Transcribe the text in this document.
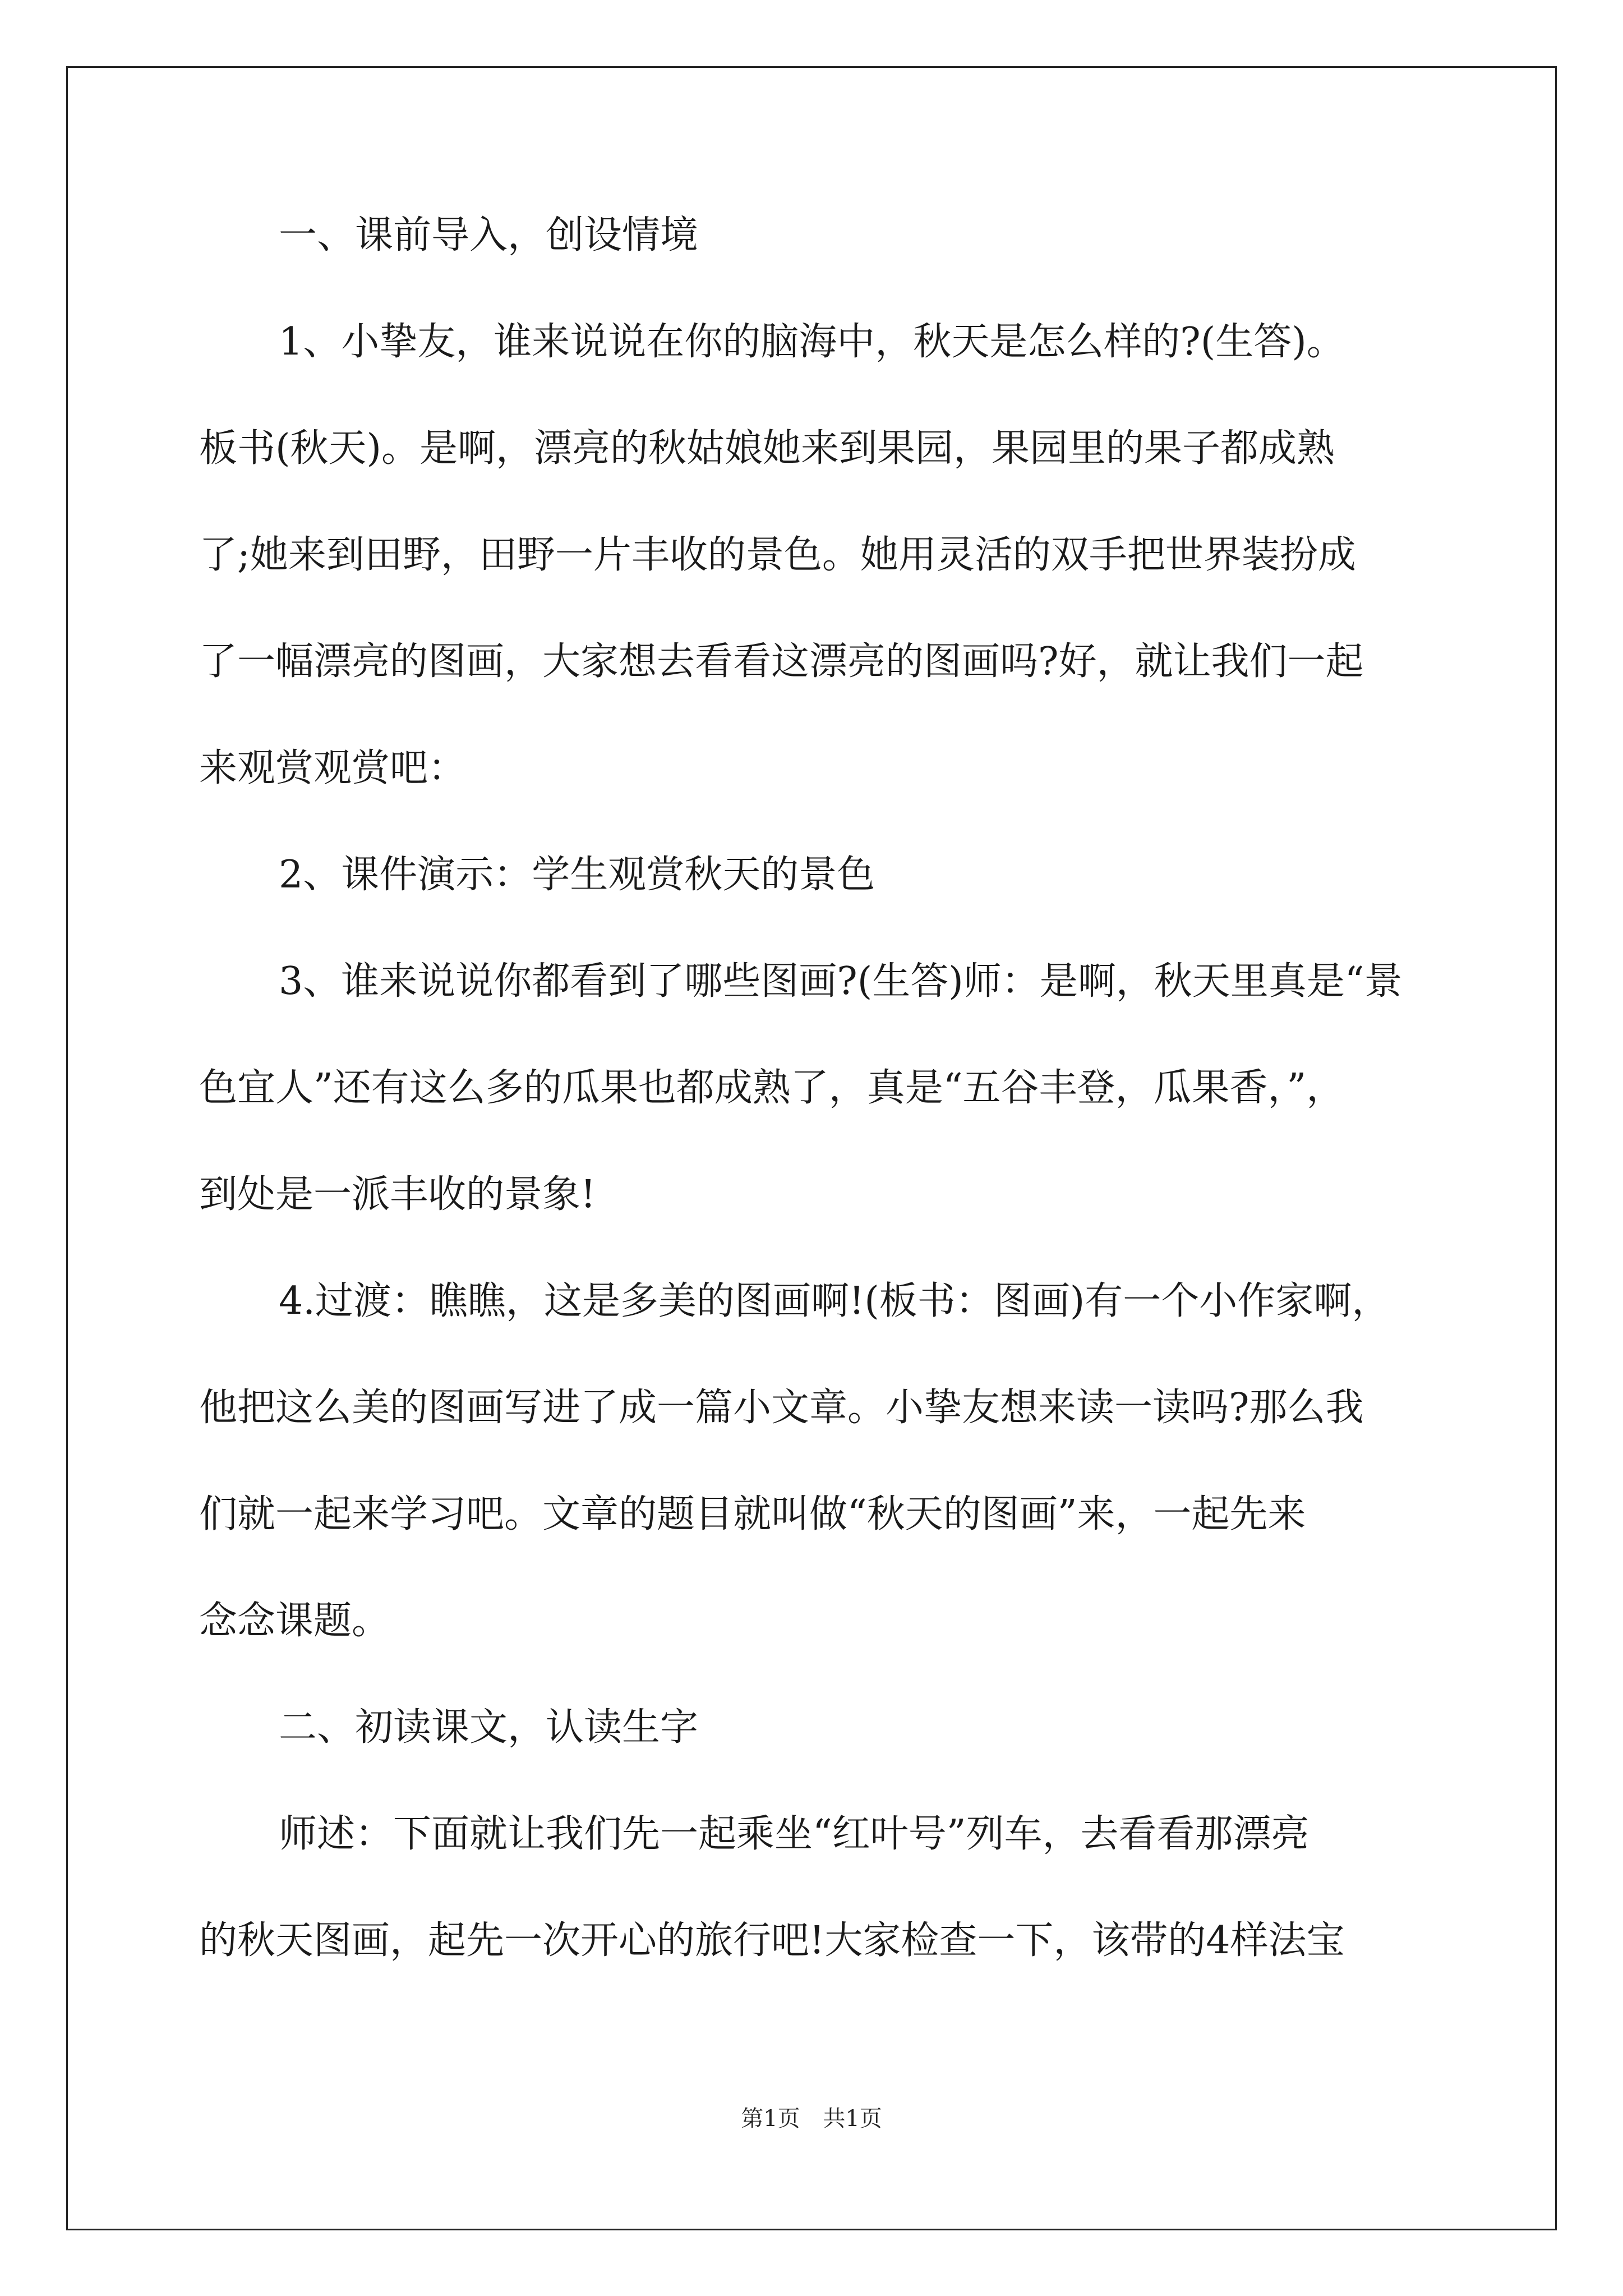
一、课前导入，创设情境
1、小挚友，谁来说说在你的脑海中，秋天是怎么样的?(生答)。
板书(秋天)。是啊，漂亮的秋姑娘她来到果园，果园里的果子都成熟
了;她来到田野，田野一片丰收的景色。她用灵活的双手把世界装扮成
了一幅漂亮的图画，大家想去看看这漂亮的图画吗?好，就让我们一起
来观赏观赏吧：
2、课件演示：学生观赏秋天的景色
3、谁来说说你都看到了哪些图画?(生答)师：是啊，秋天里真是“景
色宜人”还有这么多的瓜果也都成熟了，真是“五谷丰登，瓜果香，”，
到处是一派丰收的景象!
4.过渡：瞧瞧，这是多美的图画啊!(板书：图画)有一个小作家啊，
他把这么美的图画写进了成一篇小文章。小挚友想来读一读吗?那么我
们就一起来学习吧。文章的题目就叫做“秋天的图画”来，一起先来
念念课题。
二、初读课文，认读生字
师述：下面就让我们先一起乘坐“红叶号”列车，去看看那漂亮
的秋天图画，起先一次开心的旅行吧!大家检查一下，该带的4样法宝
第1页 共1页
